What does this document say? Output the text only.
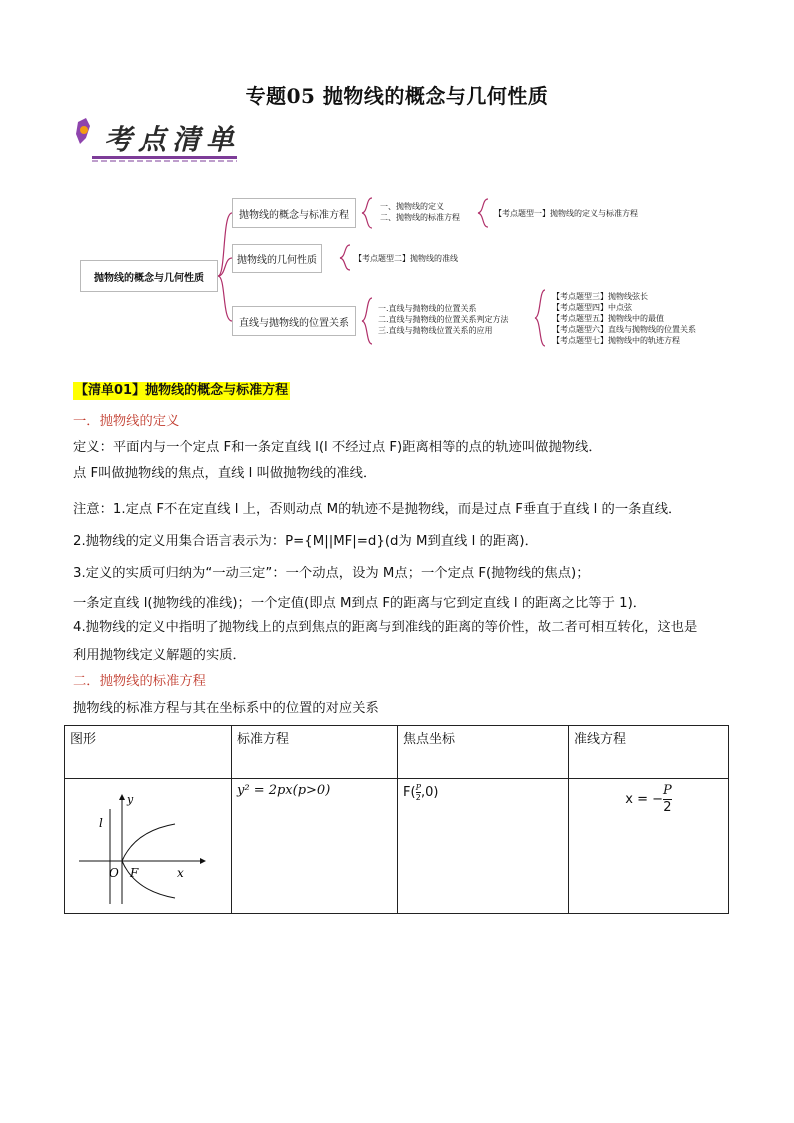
专题05 抛物线的概念与几何性质
考点清单
抛物线的概念与几何性质
抛物线的概念与标准方程
抛物线的几何性质
直线与抛物线的位置关系
一、抛物线的定义
二、抛物线的标准方程	【考点题型一】抛物线的定义与标准方程
【考点题型二】抛物线的准线
一.直线与抛物线的位置关系
二.直线与抛物线的位置关系判定方法
三.直线与抛物线位置关系的应用
【考点题型三】抛物线弦长
【考点题型四】中点弦
【考点题型五】抛物线中的最值
【考点题型六】直线与抛物线的位置关系
【考点题型七】抛物线中的轨迹方程
【清单01】抛物线的概念与标准方程
一．抛物线的定义
定义：平面内与一个定点 F和一条定直线 l(l 不经过点 F)距离相等的点的轨迹叫做抛物线．
点 F叫做抛物线的焦点，直线 l 叫做抛物线的准线．
注意：1.定点 F不在定直线 l 上，否则动点 M的轨迹不是抛物线，而是过点 F垂直于直线 l 的一条直线．
2.抛物线的定义用集合语言表示为：P={M||MF|=d}(d为 M到直线 l 的距离)．
3.定义的实质可归纳为“一动三定”：一个动点，设为 M点；一个定点 F(抛物线的焦点)；
一条定直线 l(抛物线的准线)；一个定值(即点 M到点 F的距离与它到定直线 l 的距离之比等于 1)．
4.抛物线的定义中指明了抛物线上的点到焦点的距离与到准线的距离的等价性，故二者可相互转化，这也是
利用抛物线定义解题的实质．
二．抛物线的标准方程
抛物线的标准方程与其在坐标系中的位置的对应关系
图形	标准方程	焦点坐标	准线方程

l
y
x
O F	y² = 2px(p>0)	$F( \frac{P}{2} ,0)$	x = − $\frac{P}{2}$
